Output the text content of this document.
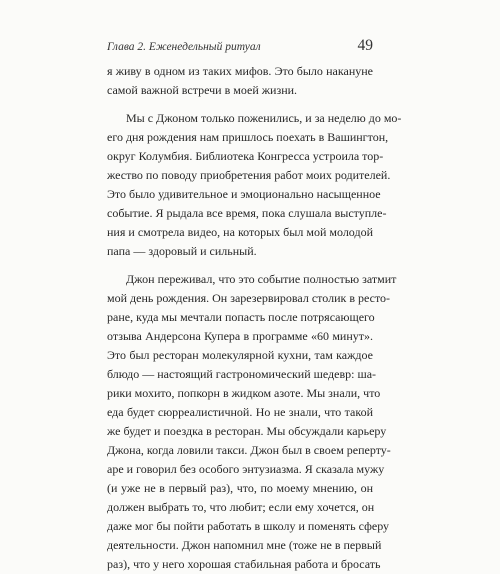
Глава 2. Еженедельный ритуал	49
я живу в одном из таких мифов. Это было накануне
самой важной встречи в моей жизни.
Мы с Джоном только поженились, и за неделю до мо-
его дня рождения нам пришлось поехать в Вашингтон,
округ Колумбия. Библиотека Конгресса устроила тор-
жество по поводу приобретения работ моих родителей.
Это было удивительное и эмоционально насыщенное
событие. Я рыдала все время, пока слушала выступле-
ния и смотрела видео, на которых был мой молодой
папа — здоровый и сильный.
Джон переживал, что это событие полностью затмит
мой день рождения. Он зарезервировал столик в ресто-
ране, куда мы мечтали попасть после потрясающего
отзыва Андерсона Купера в программе «60 минут».
Это был ресторан молекулярной кухни, там каждое
блюдо — настоящий гастрономический шедевр: ша-
рики мохито, попкорн в жидком азоте. Мы знали, что
еда будет сюрреалистичной. Но не знали, что такой
же будет и поездка в ресторан. Мы обсуждали карьеру
Джона, когда ловили такси. Джон был в своем реперту-
аре и говорил без особого энтузиазма. Я сказала мужу
(и уже не в первый раз), что, по моему мнению, он
должен выбрать то, что любит; если ему хочется, он
даже мог бы пойти работать в школу и поменять сферу
деятельности. Джон напомнил мне (тоже не в первый
раз), что у него хорошая стабильная работа и бросать
